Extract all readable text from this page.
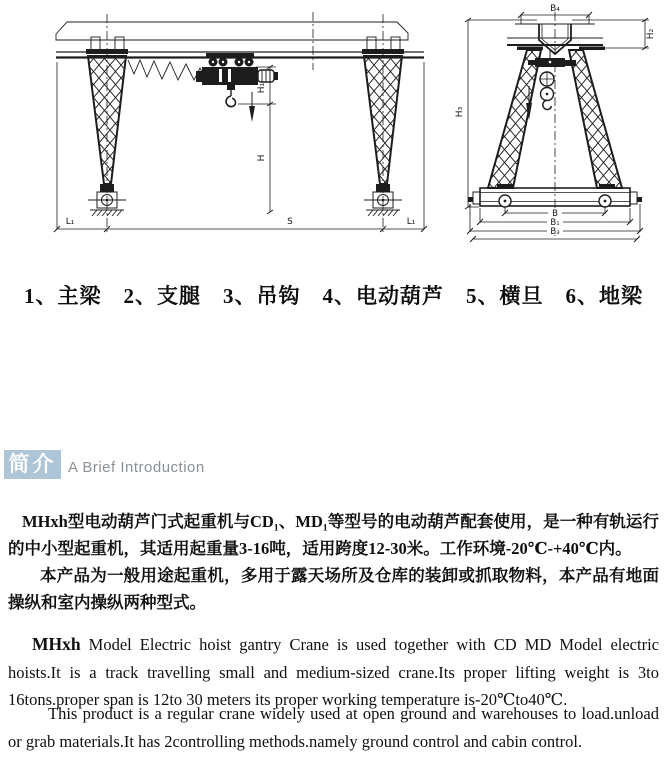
H₁
H
L₁	S	L₁
B₄
H₂
H₃
B
B₁
B₃
1、主梁　2、支腿　3、吊钩　4、电动葫芦　5、横旦　6、地梁
简介 A Brief Introduction

MHxh型电动葫芦门式起重机与CD₁、MD₁等型号的电动葫芦配套使用，是一种有轨运行的中小型起重机，其适用起重量3-16吨，适用跨度12-30米。工作环境-20℃-+40℃内。

本产品为一般用途起重机，多用于露天场所及仓库的装卸或抓取物料，本产品有地面操纵和室内操纵两种型式。

MHxh Model Electric hoist gantry Crane is used together with CD MD Model electric hoists.It is a track travelling small and medium-sized crane.Its proper lifting weight is 3to 16tons.proper span is 12to 30 meters its proper working temperature is-20℃to40℃.

This product is a regular crane widely used at open ground and warehouses to load.unload or grab materials.It has 2controlling methods.namely ground control and cabin control.
